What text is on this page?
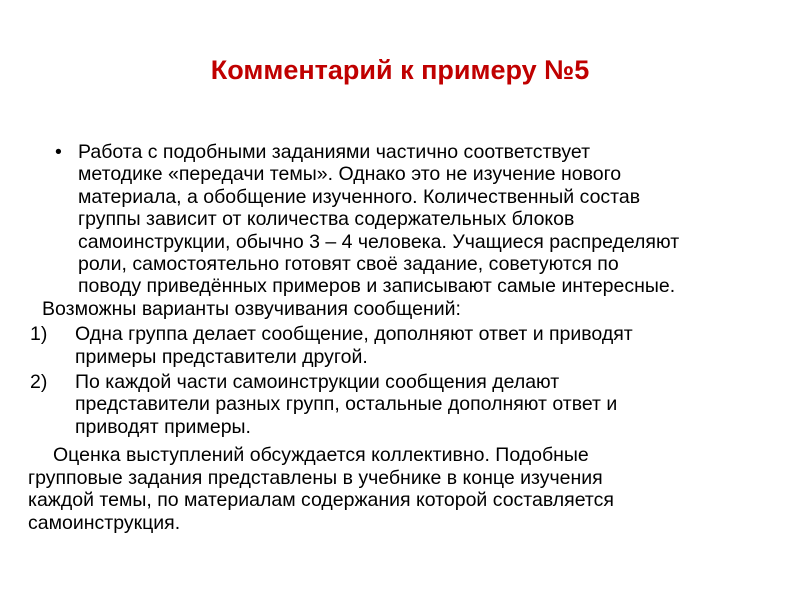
Комментарий к примеру №5
• Работа с подобными заданиями частично соответствует
методике «передачи темы». Однако это не изучение нового
материала, а обобщение изученного. Количественный состав
группы зависит от количества содержательных блоков
самоинструкции, обычно 3 – 4 человека. Учащиеся распределяют
роли, самостоятельно готовят своё задание, советуются по
поводу приведённых примеров и записывают самые интересные.
Возможны варианты озвучивания сообщений:
1)	Одна группа делает сообщение, дополняют ответ и приводят
примеры представители другой.
2)	По каждой части самоинструкции сообщения делают
представители разных групп, остальные дополняют ответ и
приводят примеры.
Оценка выступлений обсуждается коллективно. Подобные
групповые задания представлены в учебнике в конце изучения
каждой темы, по материалам содержания которой составляется
самоинструкция.
